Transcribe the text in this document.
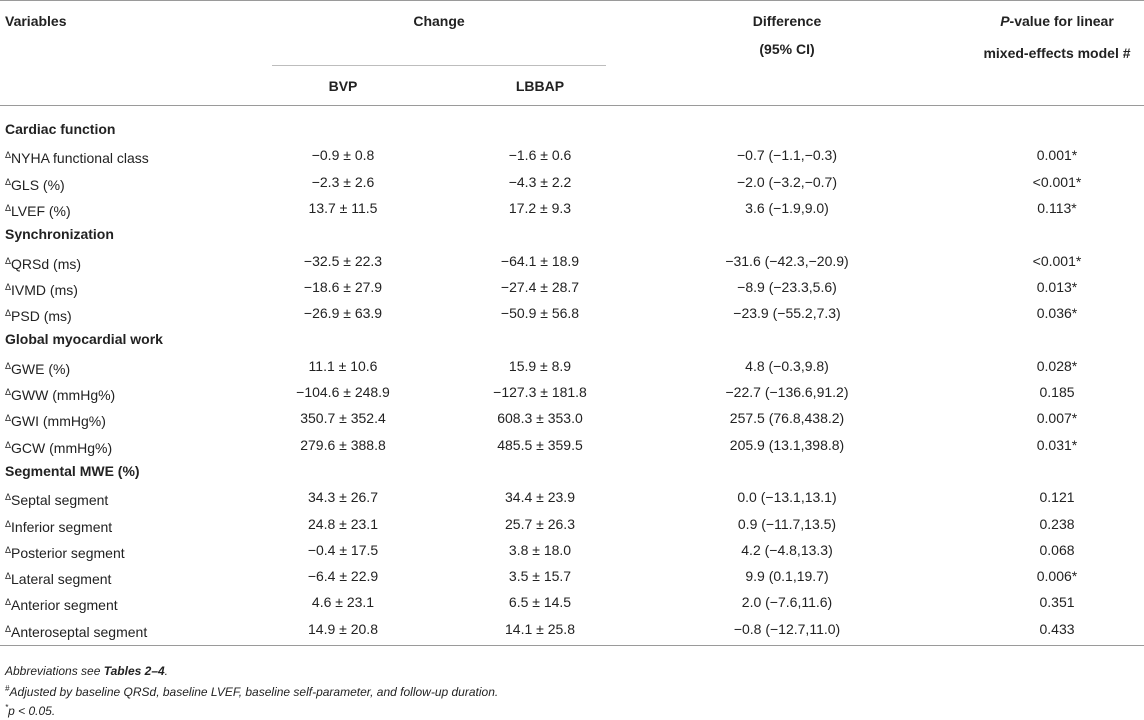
Variables	Change
BVP	LBBAP
Difference
(95% CI)
P-value for linear
mixed-effects model #
Cardiac function
$^\Delta$NYHA functional class	−0.9 ± 0.8	−1.6 ± 0.6	−0.7 (−1.1,−0.3)	0.001*
$^\Delta$GLS (%)	−2.3 ± 2.6	−4.3 ± 2.2	−2.0 (−3.2,−0.7)	<0.001*
$^\Delta$LVEF (%)	13.7 ± 11.5	17.2 ± 9.3	3.6 (−1.9,9.0)	0.113*
Synchronization
$^\Delta$QRSd (ms)	−32.5 ± 22.3	−64.1 ± 18.9	−31.6 (−42.3,−20.9)	<0.001*
$^\Delta$IVMD (ms)	−18.6 ± 27.9	−27.4 ± 28.7	−8.9 (−23.3,5.6)	0.013*
$^\Delta$PSD (ms)	−26.9 ± 63.9	−50.9 ± 56.8	−23.9 (−55.2,7.3)	0.036*
Global myocardial work
$^\Delta$GWE (%)	11.1 ± 10.6	15.9 ± 8.9	4.8 (−0.3,9.8)	0.028*
$^\Delta$GWW (mmHg%)	−104.6 ± 248.9	−127.3 ± 181.8	−22.7 (−136.6,91.2)	0.185
$^\Delta$GWI (mmHg%)	350.7 ± 352.4	608.3 ± 353.0	257.5 (76.8,438.2)	0.007*
$^\Delta$GCW (mmHg%)	279.6 ± 388.8	485.5 ± 359.5	205.9 (13.1,398.8)	0.031*
Segmental MWE (%)
$^\Delta$Septal segment	34.3 ± 26.7	34.4 ± 23.9	0.0 (−13.1,13.1)	0.121
$^\Delta$Inferior segment	24.8 ± 23.1	25.7 ± 26.3	0.9 (−11.7,13.5)	0.238
$^\Delta$Posterior segment	−0.4 ± 17.5	3.8 ± 18.0	4.2 (−4.8,13.3)	0.068
$^\Delta$Lateral segment	−6.4 ± 22.9	3.5 ± 15.7	9.9 (0.1,19.7)	0.006*
$^\Delta$Anterior segment	4.6 ± 23.1	6.5 ± 14.5	2.0 (−7.6,11.6)	0.351
$^\Delta$Anteroseptal segment	14.9 ± 20.8	14.1 ± 25.8	−0.8 (−12.7,11.0)	0.433
Abbreviations see Tables 2–4.
#Adjusted by baseline QRSd, baseline LVEF, baseline self-parameter, and follow-up duration.
*p < 0.05.
